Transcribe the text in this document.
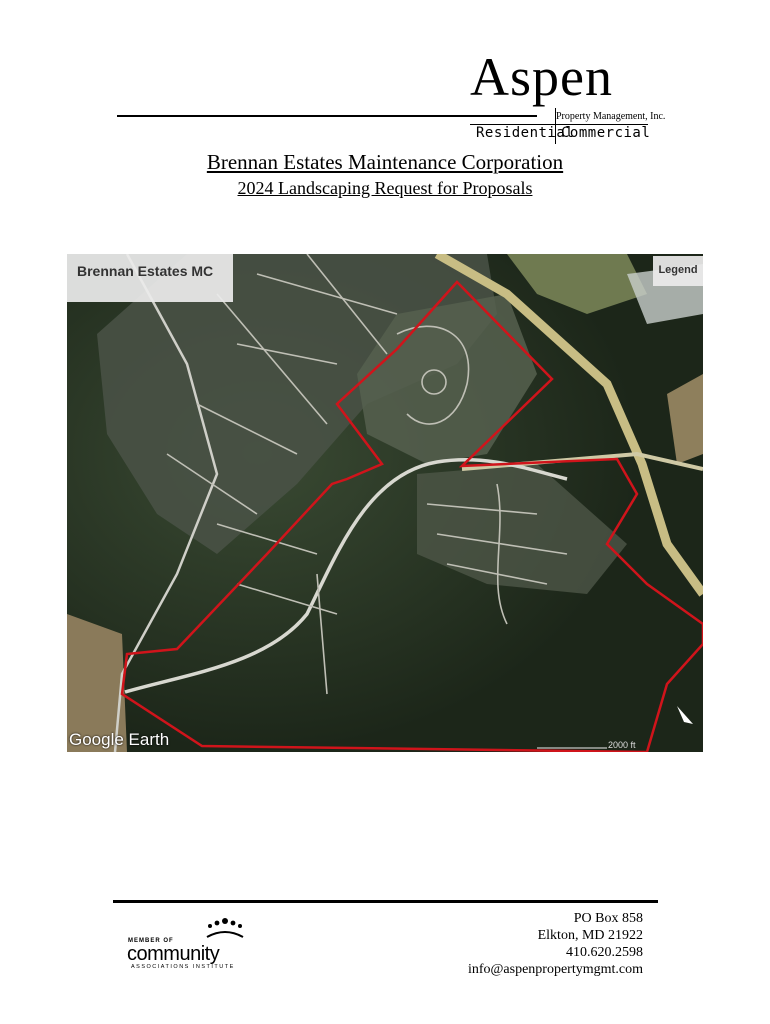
Aspen
Property Management, Inc.
Residential
Commercial
Brennan Estates Maintenance Corporation
2024 Landscaping Request for Proposals
Brennan Estates MC	Legend
Google Earth	2000 ft
MEMBER OF
community
ASSOCIATIONS INSTITUTE
PO Box 858
Elkton, MD 21922
410.620.2598
info@aspenpropertymgmt.com
